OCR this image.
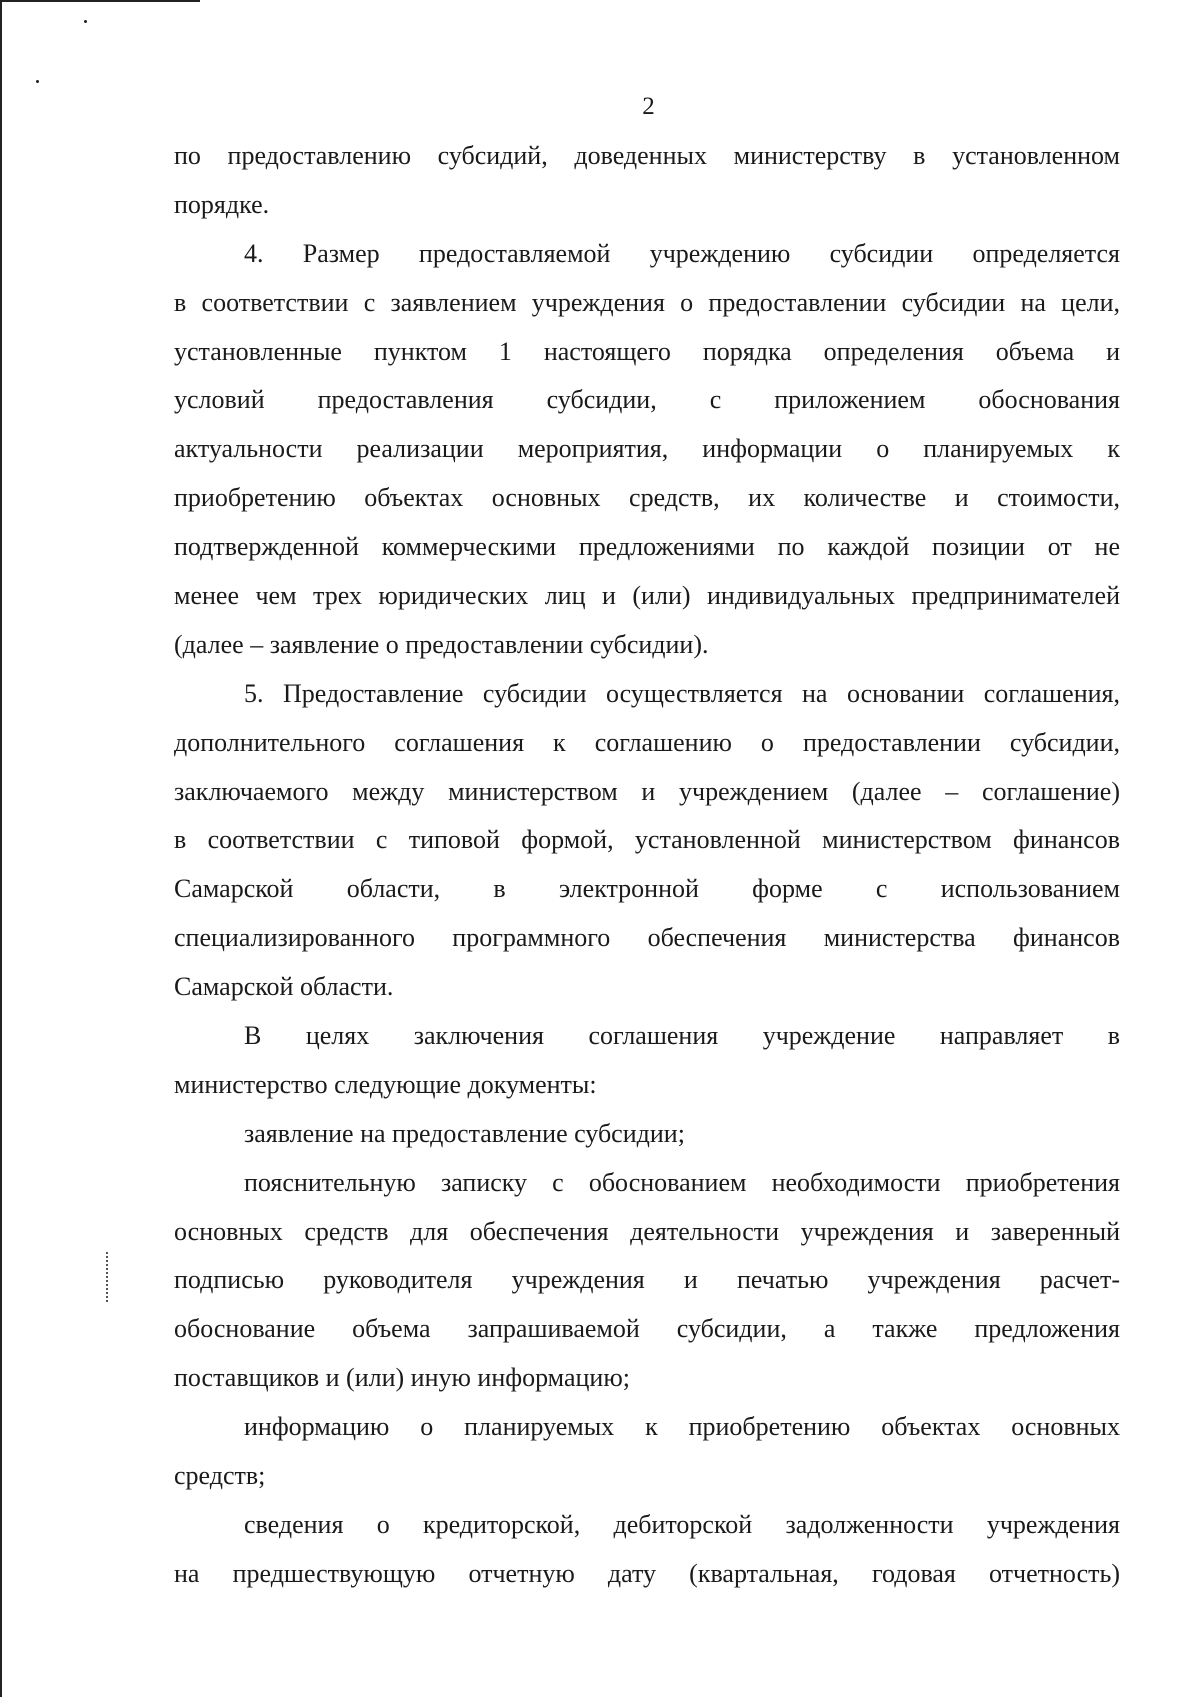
2
по предоставлению субсидий, доведенных министерству в установленном
порядке.
4. Размер предоставляемой учреждению субсидии определяется
в соответствии с заявлением учреждения о предоставлении субсидии на цели,
установленные пунктом 1 настоящего порядка определения объема и
условий предоставления субсидии, с приложением обоснования
актуальности реализации мероприятия, информации о планируемых к
приобретению объектах основных средств, их количестве и стоимости,
подтвержденной коммерческими предложениями по каждой позиции от не
менее чем трех юридических лиц и (или) индивидуальных предпринимателей
(далее – заявление о предоставлении субсидии).
5. Предоставление субсидии осуществляется на основании соглашения,
дополнительного соглашения к соглашению о предоставлении субсидии,
заключаемого между министерством и учреждением (далее – соглашение)
в соответствии с типовой формой, установленной министерством финансов
Самарской области, в электронной форме с использованием
специализированного программного обеспечения министерства финансов
Самарской области.
В целях заключения соглашения учреждение направляет в
министерство следующие документы:
заявление на предоставление субсидии;
пояснительную записку с обоснованием необходимости приобретения
основных средств для обеспечения деятельности учреждения и заверенный
подписью руководителя учреждения и печатью учреждения расчет-
обоснование объема запрашиваемой субсидии, а также предложения
поставщиков и (или) иную информацию;
информацию о планируемых к приобретению объектах основных
средств;
сведения о кредиторской, дебиторской задолженности учреждения
на предшествующую отчетную дату (квартальная, годовая отчетность)
